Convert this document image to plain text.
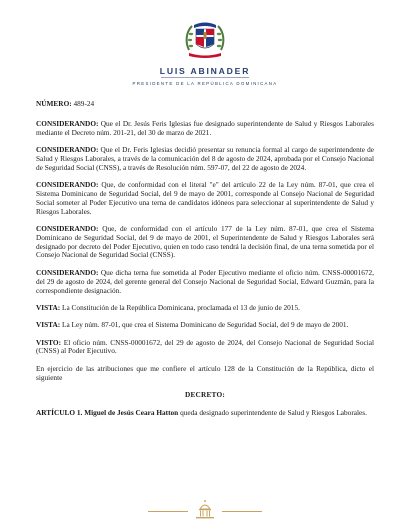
LUIS ABINADER
PRESIDENTE DE LA REPÚBLICA DOMINICANA

NÚMERO: 489-24

CONSIDERANDO: Que el Dr. Jesús Feris Iglesias fue designado superintendente de Salud y Riesgos Laborales mediante el Decreto núm. 201-21, del 30 de marzo de 2021.

CONSIDERANDO: Que el Dr. Feris Iglesias decidió presentar su renuncia formal al cargo de superintendente de Salud y Riesgos Laborales, a través de la comunicación del 8 de agosto de 2024, aprobada por el Consejo Nacional de Seguridad Social (CNSS), a través de Resolución núm. 597-07, del 22 de agosto de 2024.

CONSIDERANDO: Que, de conformidad con el literal "e" del artículo 22 de la Ley núm. 87-01, que crea el Sistema Dominicano de Seguridad Social, del 9 de mayo de 2001, corresponde al Consejo Nacional de Seguridad Social someter al Poder Ejecutivo una terna de candidatos idóneos para seleccionar al superintendente de Salud y Riesgos Laborales.

CONSIDERANDO: Que, de conformidad con el artículo 177 de la Ley núm. 87-01, que crea el Sistema Dominicano de Seguridad Social, del 9 de mayo de 2001, el Superintendente de Salud y Riesgos Laborales será designado por decreto del Poder Ejecutivo, quien en todo caso tendrá la decisión final, de una terna sometida por el Consejo Nacional de Seguridad Social (CNSS).

CONSIDERANDO: Que dicha terna fue sometida al Poder Ejecutivo mediante el oficio núm. CNSS-00001672, del 29 de agosto de 2024, del gerente general del Consejo Nacional de Seguridad Social, Edward Guzmán, para la correspondiente designación.

VISTA: La Constitución de la República Dominicana, proclamada el 13 de junio de 2015.

VISTA: La Ley núm. 87-01, que crea el Sistema Dominicano de Seguridad Social, del 9 de mayo de 2001.

VISTO: El oficio núm. CNSS-00001672, del 29 de agosto de 2024, del Consejo Nacional de Seguridad Social (CNSS) al Poder Ejecutivo.

En ejercicio de las atribuciones que me confiere el artículo 128 de la Constitución de la República, dicto el siguiente

DECRETO:

ARTÍCULO 1. Miguel de Jesús Ceara Hatton queda designado superintendente de Salud y Riesgos Laborales.
